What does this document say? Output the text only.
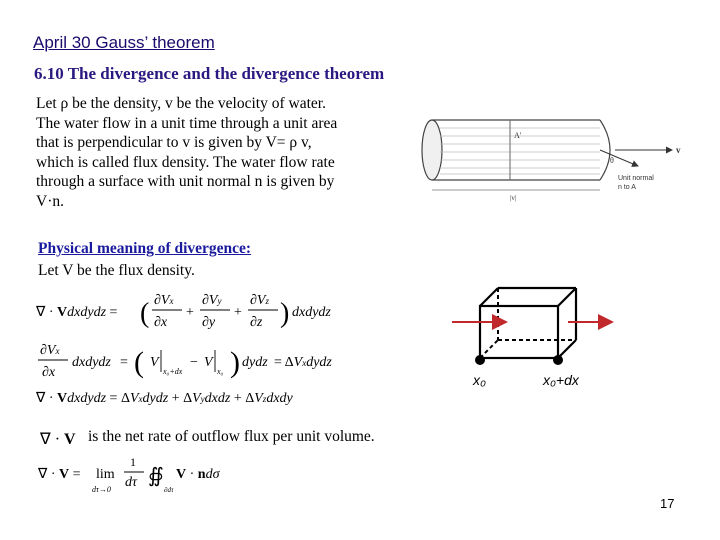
April 30 Gauss’ theorem
6.10 The divergence and the divergence theorem
Let ρ be the density, v be the velocity of water.
The water flow in a unit time through a unit area
that is perpendicular to v is given by V= ρ v,
which is called flux density. The water flow rate
through a surface with unit normal n is given by
V·n.
A'
θ
v
|v|
Unit normal
n to A
Physical meaning of divergence:
Let V be the flux density.
∇ · Vdxdydz = ( ∂Vx
∂x
+
∂Vy
∂y
+
∂Vz
∂z ) dxdydz
∂Vx
∂x
dxdydz = ( V
x₀+dx
− V
x₀ ) dydz = ΔVxdydz
∇ · Vdxdydz = ΔVxdydz + ΔVydxdz + ΔVzdxdy
∇ · V is the net rate of outflow flux per unit volume.
∇ · V = lim
dτ→0
1
dτ ∯
∂dτ
V · ndσ
x₀	x₀+dx
17
